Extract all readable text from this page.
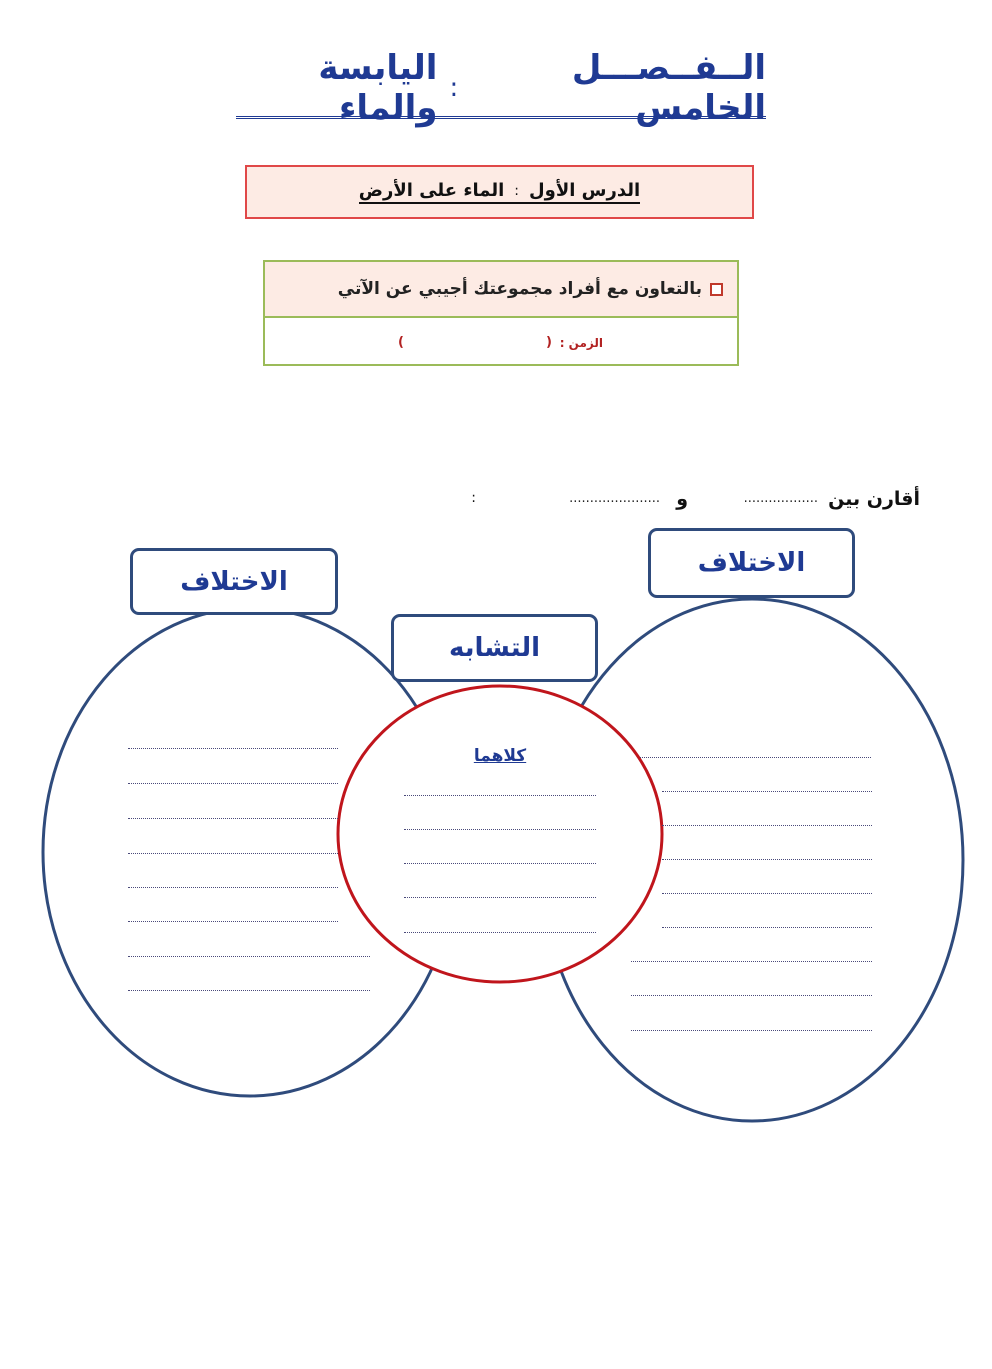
الــفــصـــل الخامس
:
اليابسة والماء
الدرس الأول
:
الماء على الأرض
بالتعاون مع أفراد مجموعتك أجيبي عن الآتي
الزمن :
(
)
أقارن بين
..................
و
......................
:
كلاهما
الاختلاف
التشابه
الاختلاف
